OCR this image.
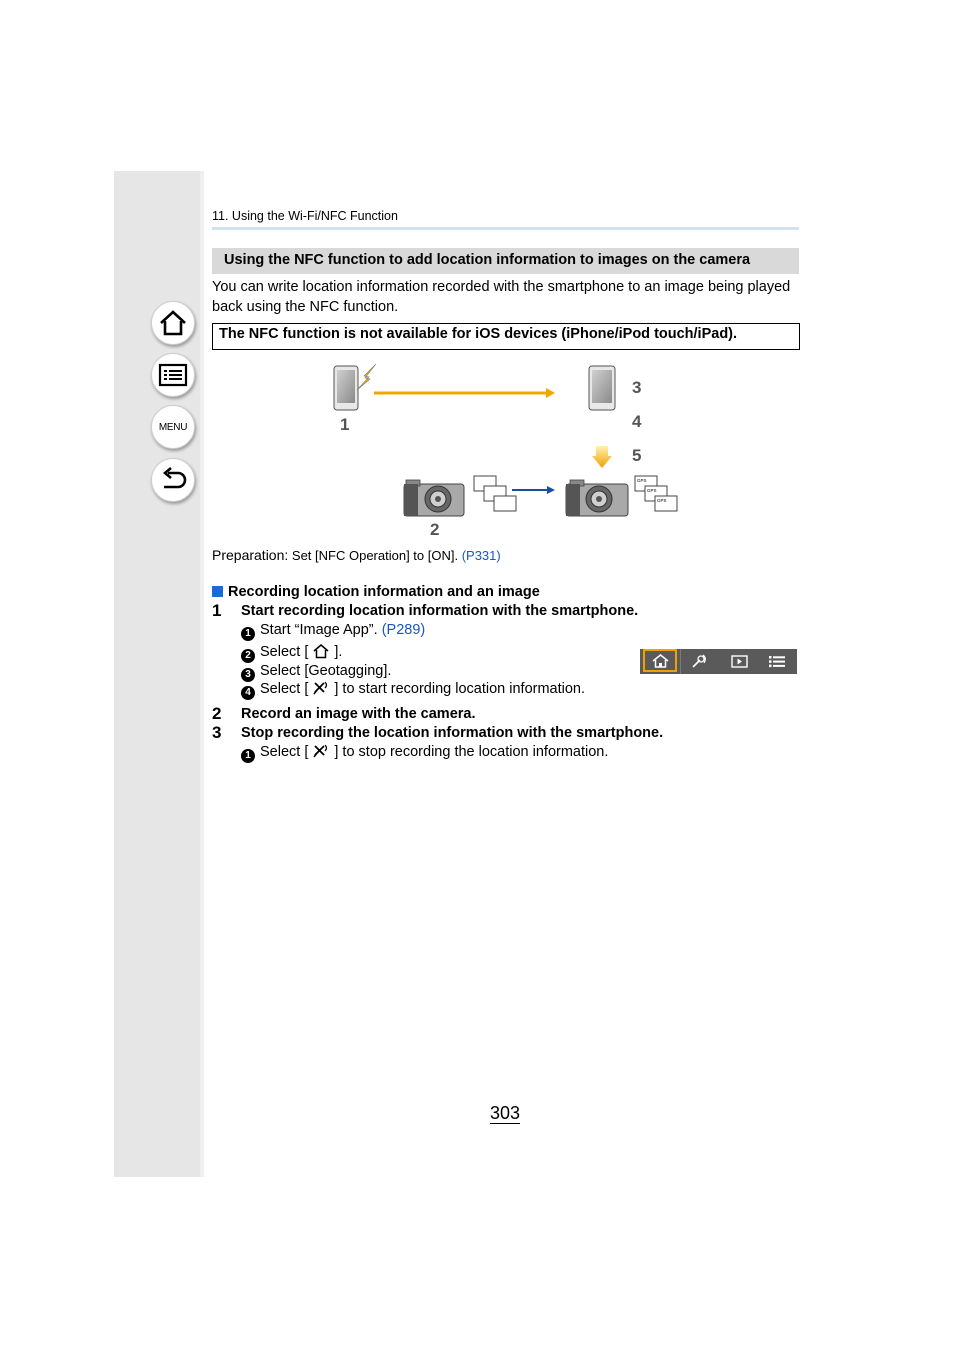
MENU
11. Using the Wi-Fi/NFC Function
Using the NFC function to add location information to images on the camera
You can write location information recorded with the smartphone to an image being played back using the NFC function.
The NFC function is not available for iOS devices (iPhone/iPod touch/iPad).
GPS
GPS
GPS
1
2
3
4
5
Preparation: Set [NFC Operation] to [ON]. (P331)
Recording location information and an image
1 Start recording location information with the smartphone.
1 Start “Image App”. (P289)
2 Select [ ].
3 Select [Geotagging].
4 Select [ ] to start recording location information.
2 Record an image with the camera.
3 Stop recording the location information with the smartphone.
1 Select [ ] to stop recording the location information.
303
